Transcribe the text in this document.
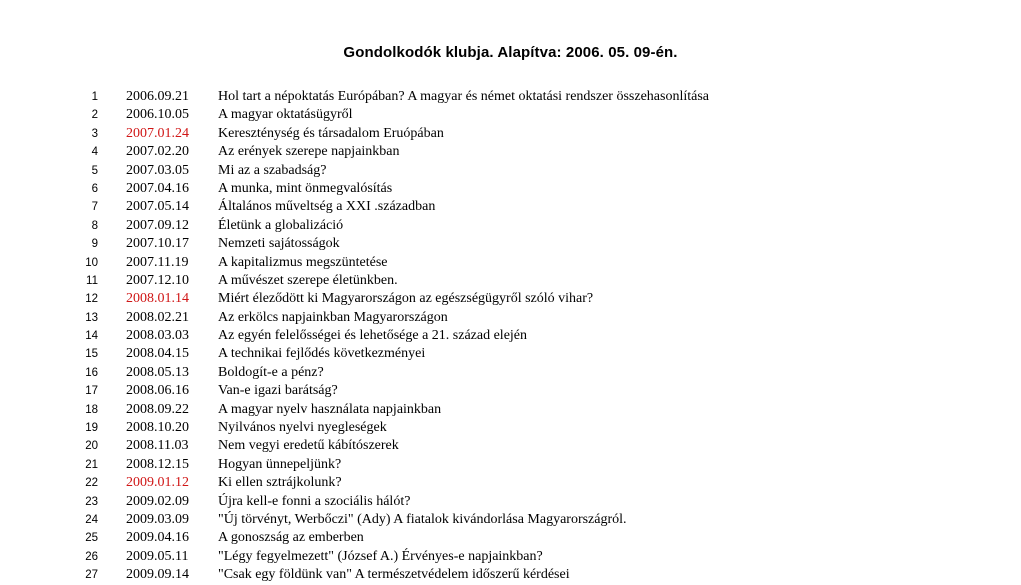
Gondolkodók klubja. Alapítva: 2006. 05. 09-én.
1 2006.09.21 Hol tart a népoktatás Európában? A magyar és német oktatási rendszer összehasonlítása
2 2006.10.05 A magyar oktatásügyről
3 2007.01.24 Kereszténység és társadalom Eruópában
4 2007.02.20 Az erények szerepe napjainkban
5 2007.03.05 Mi az a szabadság?
6 2007.04.16 A munka, mint önmegvalósítás
7 2007.05.14 Általános műveltség a XXI .században
8 2007.09.12 Életünk a globalizáció
9 2007.10.17 Nemzeti sajátosságok
10 2007.11.19 A kapitalizmus megszüntetése
11 2007.12.10 A művészet szerepe életünkben.
12 2008.01.14 Miért éleződött ki Magyarországon az egészségügyről szóló vihar?
13 2008.02.21 Az erkölcs napjainkban Magyarországon
14 2008.03.03 Az egyén felelősségei és lehetősége a 21. század elején
15 2008.04.15 A technikai fejlődés következményei
16 2008.05.13 Boldogít-e a pénz?
17 2008.06.16 Van-e igazi barátság?
18 2008.09.22 A magyar nyelv használata napjainkban
19 2008.10.20 Nyilvános nyelvi nyegleségek
20 2008.11.03 Nem vegyi eredetű kábítószerek
21 2008.12.15 Hogyan ünnepeljünk?
22 2009.01.12 Ki ellen sztrájkolunk?
23 2009.02.09 Újra kell-e fonni a szociális hálót?
24 2009.03.09 "Új törvényt, Werbőczi" (Ady) A fiatalok kivándorlása Magyarországról.
25 2009.04.16 A gonoszság az emberben
26 2009.05.11 "Légy fegyelmezett" (József A.) Érvényes-e napjainkban?
27 2009.09.14 "Csak egy földünk van" A természetvédelem időszerű kérdései
